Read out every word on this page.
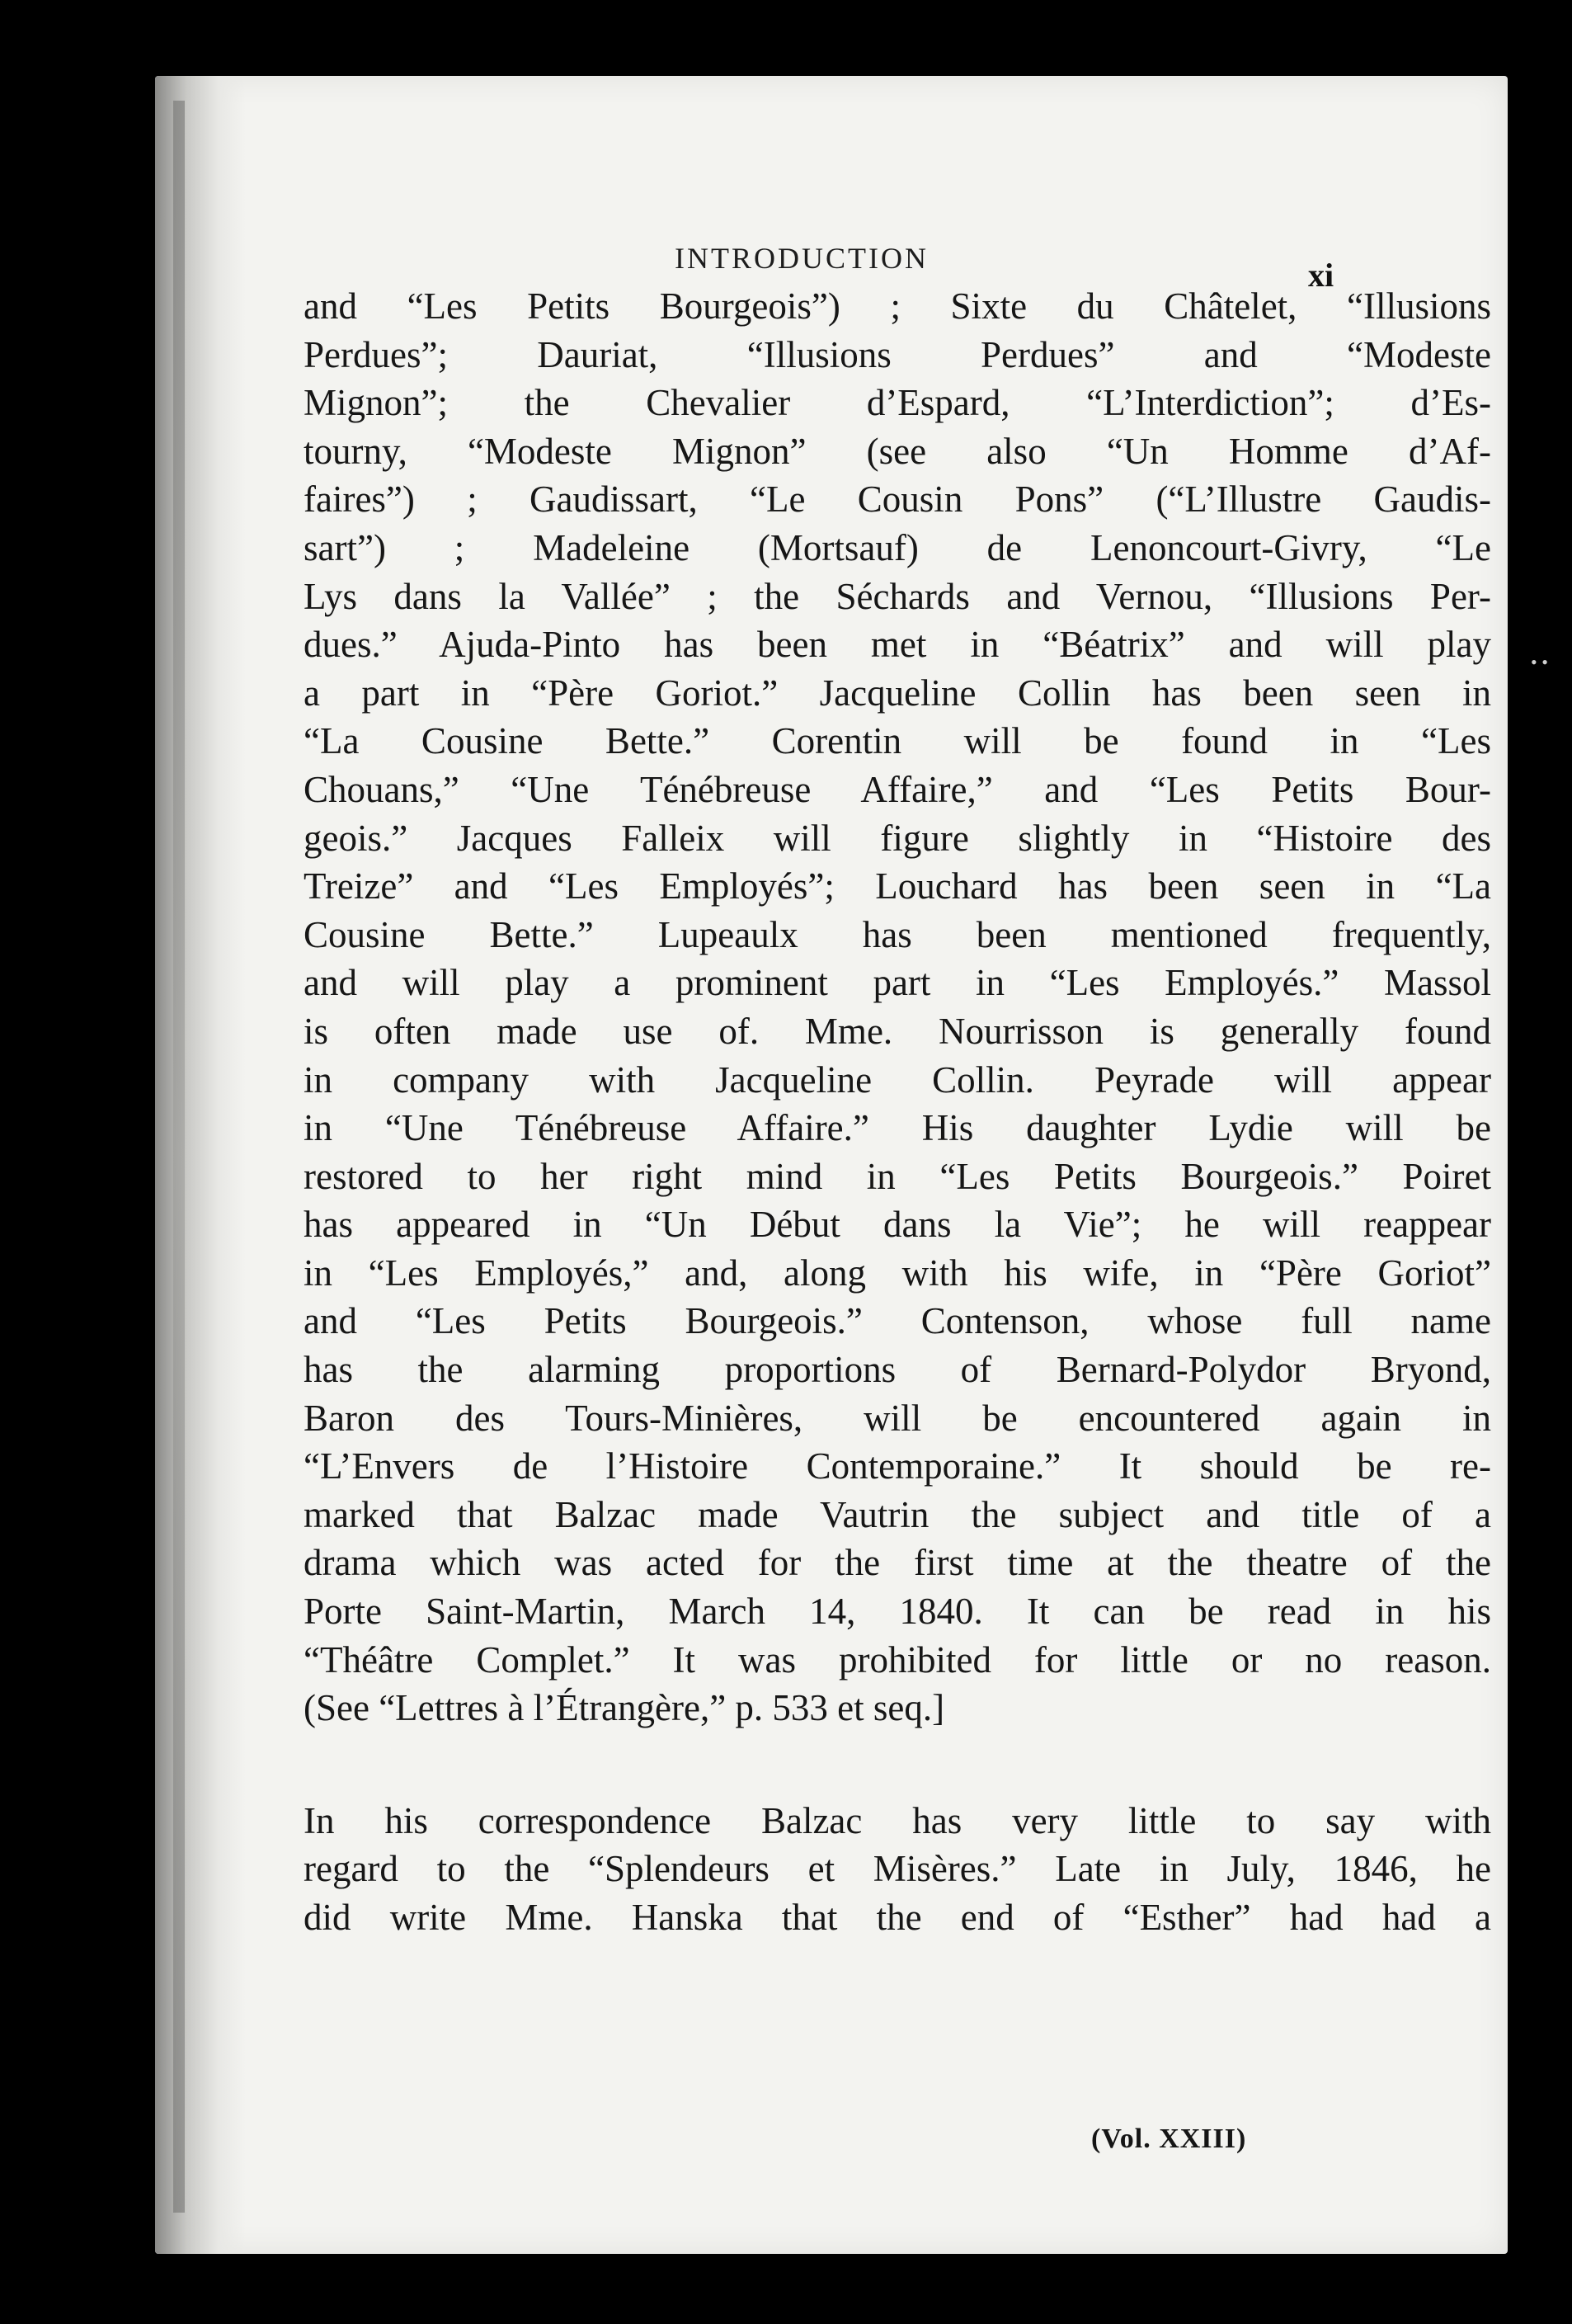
INTRODUCTION	xi
and “Les Petits Bourgeois”) ; Sixte du Châtelet, “Illusions
Perdues”; Dauriat, “Illusions Perdues” and “Modeste
Mignon”; the Chevalier d’Espard, “L’Interdiction”; d’Es-
tourny, “Modeste Mignon” (see also “Un Homme d’Af-
faires”) ; Gaudissart, “Le Cousin Pons” (“L’Illustre Gaudis-
sart”) ; Madeleine (Mortsauf) de Lenoncourt-Givry, “Le
Lys dans la Vallée” ; the Séchards and Vernou, “Illusions Per-
dues.” Ajuda-Pinto has been met in “Béatrix” and will play
a part in “Père Goriot.” Jacqueline Collin has been seen in
“La Cousine Bette.” Corentin will be found in “Les
Chouans,” “Une Ténébreuse Affaire,” and “Les Petits Bour-
geois.” Jacques Falleix will figure slightly in “Histoire des
Treize” and “Les Employés”; Louchard has been seen in “La
Cousine Bette.” Lupeaulx has been mentioned frequently,
and will play a prominent part in “Les Employés.” Massol
is often made use of. Mme. Nourrisson is generally found
in company with Jacqueline Collin. Peyrade will appear
in “Une Ténébreuse Affaire.” His daughter Lydie will be
restored to her right mind in “Les Petits Bourgeois.” Poiret
has appeared in “Un Début dans la Vie”; he will reappear
in “Les Employés,” and, along with his wife, in “Père Goriot”
and “Les Petits Bourgeois.” Contenson, whose full name
has the alarming proportions of Bernard-Polydor Bryond,
Baron des Tours-Minières, will be encountered again in
“L’Envers de l’Histoire Contemporaine.” It should be re-
marked that Balzac made Vautrin the subject and title of a
drama which was acted for the first time at the theatre of the
Porte Saint-Martin, March 14, 1840. It can be read in his
“Théâtre Complet.” It was prohibited for little or no reason.
(See “Lettres à l’Étrangère,” p. 533 et seq.]
In his correspondence Balzac has very little to say with
regard to the “Splendeurs et Misères.” Late in July, 1846, he
did write Mme. Hanska that the end of “Esther” had had a
(Vol. XXIII)
• •
